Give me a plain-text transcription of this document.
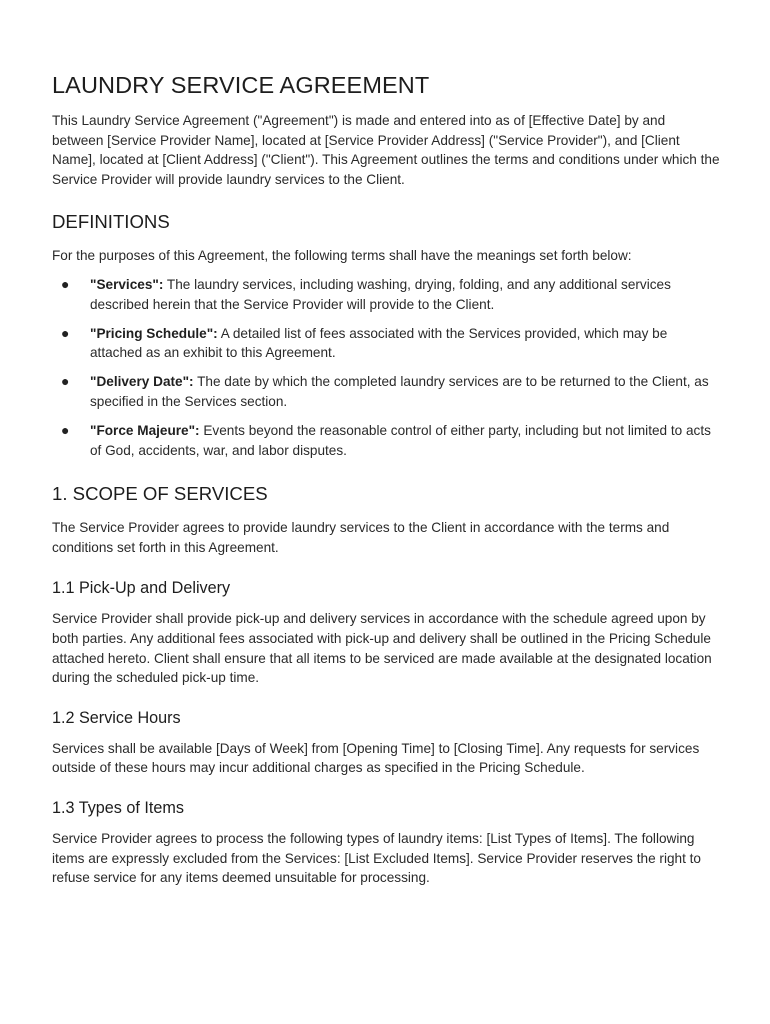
LAUNDRY SERVICE AGREEMENT

This Laundry Service Agreement ("Agreement") is made and entered into as of [Effective Date] by and between [Service Provider Name], located at [Service Provider Address] ("Service Provider"), and [Client Name], located at [Client Address] ("Client"). This Agreement outlines the terms and conditions under which the Service Provider will provide laundry services to the Client.

DEFINITIONS

For the purposes of this Agreement, the following terms shall have the meanings set forth below:

● "Services": The laundry services, including washing, drying, folding, and any additional services described herein that the Service Provider will provide to the Client.
● "Pricing Schedule": A detailed list of fees associated with the Services provided, which may be attached as an exhibit to this Agreement.
● "Delivery Date": The date by which the completed laundry services are to be returned to the Client, as specified in the Services section.
● "Force Majeure": Events beyond the reasonable control of either party, including but not limited to acts of God, accidents, war, and labor disputes.
1. SCOPE OF SERVICES

The Service Provider agrees to provide laundry services to the Client in accordance with the terms and conditions set forth in this Agreement.

1.1 Pick-Up and Delivery

Service Provider shall provide pick-up and delivery services in accordance with the schedule agreed upon by both parties. Any additional fees associated with pick-up and delivery shall be outlined in the Pricing Schedule attached hereto. Client shall ensure that all items to be serviced are made available at the designated location during the scheduled pick-up time.

1.2 Service Hours

Services shall be available [Days of Week] from [Opening Time] to [Closing Time]. Any requests for services outside of these hours may incur additional charges as specified in the Pricing Schedule.

1.3 Types of Items

Service Provider agrees to process the following types of laundry items: [List Types of Items]. The following items are expressly excluded from the Services: [List Excluded Items]. Service Provider reserves the right to refuse service for any items deemed unsuitable for processing.
